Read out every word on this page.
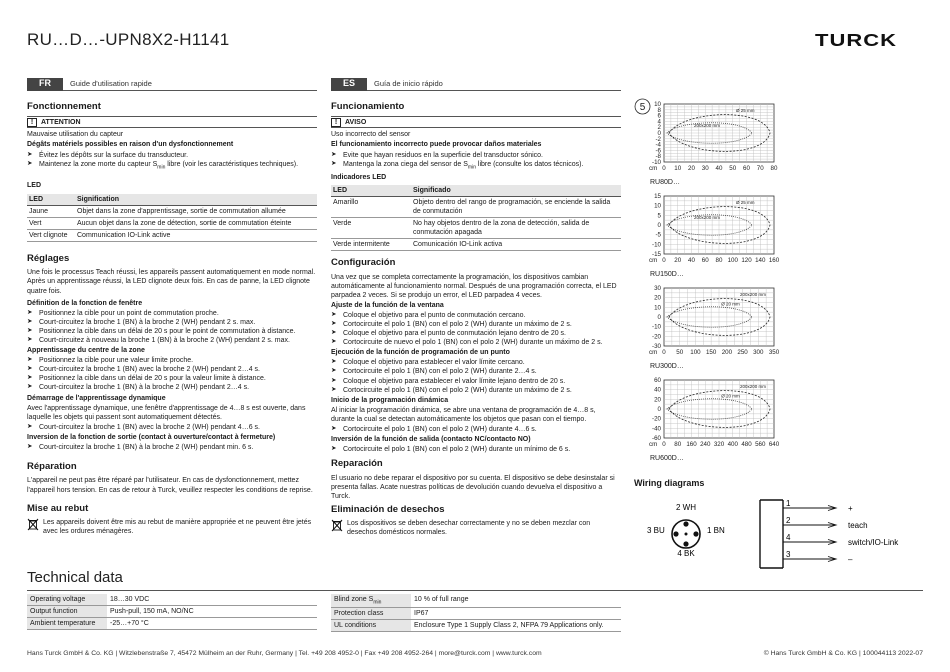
RU…D…-UPN8X2-H1141	TURCK
FR	Guide d'utilisation rapide
Fonctionnement
!	ATTENTION

Mauvaise utilisation du capteur

Dégâts matériels possibles en raison d'un dysfonctionnement

➤ Évitez les dépôts sur la surface du transducteur.
➤ Maintenez la zone morte du capteur $S_{min}$ libre (voir les caractéristiques techniques).
LED
LED	Signification
Jaune	Objet dans la zone d'apprentissage, sortie de commutation allumée
Vert	Aucun objet dans la zone de détection, sortie de commutation éteinte
Vert clignote	Communication IO-Link active
Réglages

Une fois le processus Teach réussi, les appareils passent automatiquement en mode normal. Après un apprentissage réussi, la LED clignote deux fois. En cas de panne, la LED clignote quatre fois.

Définition de la fonction de fenêtre
➤ Positionnez la cible pour un point de commutation proche.
➤ Court-circuitez la broche 1 (BN) à la broche 2 (WH) pendant 2 s. max.
➤ Positionnez la cible dans un délai de 20 s pour le point de commutation à distance.
➤ Court-circuitez à nouveau la broche 1 (BN) à la broche 2 (WH) pendant 2 s. max.
Apprentissage du centre de la zone
➤ Positionnez la cible pour une valeur limite proche.
➤ Court-circuitez la broche 1 (BN) avec la broche 2 (WH) pendant 2…4 s.
➤ Positionnez la cible dans un délai de 20 s pour la valeur limite à distance.
➤ Court-circuitez la broche 1 (BN) à la broche 2 (WH) pendant 2…4 s.
Démarrage de l'apprentissage dynamique

Avec l'apprentissage dynamique, une fenêtre d'apprentissage de 4…8 s est ouverte, dans laquelle les objets qui passent sont automatiquement détectés.

➤ Court-circuitez la broche 1 (BN) avec la broche 2 (WH) pendant 4…6 s.
Inversion de la fonction de sortie (contact à ouverture/contact à fermeture)
➤ Court-circuitez la broche 1 (BN) à la broche 2 (WH) pendant min. 6 s.
Réparation

L'appareil ne peut pas être réparé par l'utilisateur. En cas de dysfonctionnement, mettez l'appareil hors tension. En cas de retour à Turck, veuillez respecter les conditions de reprise.

Mise au rebut

Les appareils doivent être mis au rebut de manière appropriée et ne peuvent être jetés avec les ordures ménagères.

ES	Guía de inicio rápido
Funcionamiento
!	AVISO

Uso incorrecto del sensor

El funcionamiento incorrecto puede provocar daños materiales

➤ Evite que hayan residuos en la superficie del transductor sónico.
➤ Mantenga la zona ciega del sensor de $S_{min}$ libre (consulte los datos técnicos).
Indicadores LED
LED	Significado
Amarillo	Objeto dentro del rango de programación, se enciende la salida de conmutación
Verde	No hay objetos dentro de la zona de detección, salida de conmutación apagada
Verde intermitente	Comunicación IO-Link activa
Configuración

Una vez que se completa correctamente la programación, los dispositivos cambian automáticamente al funcionamiento normal. Después de una programación correcta, el LED parpadea 2 veces. Si se produjo un error, el LED parpadea 4 veces.

Ajuste de la función de la ventana
➤ Coloque el objetivo para el punto de conmutación cercano.
➤ Cortocircuite el polo 1 (BN) con el polo 2 (WH) durante un máximo de 2 s.
➤ Coloque el objetivo para el punto de conmutación lejano dentro de 20 s.
➤ Cortocircuite de nuevo el polo 1 (BN) con el polo 2 (WH) durante un máximo de 2 s.
Ejecución de la función de programación de un punto
➤ Coloque el objetivo para establecer el valor límite cercano.
➤ Cortocircuite el polo 1 (BN) con el polo 2 (WH) durante 2…4 s.
➤ Coloque el objetivo para establecer el valor límite lejano dentro de 20 s.
➤ Cortocircuite el polo 1 (BN) con el polo 2 (WH) durante un máximo de 2 s.
Inicio de la programación dinámica

Al iniciar la programación dinámica, se abre una ventana de programación de 4…8 s, durante la cual se detectan automáticamente los objetos que pasan con el tiempo.

➤ Cortocircuite el polo 1 (BN) con el polo 2 (WH) durante 4…6 s.
Inversión de la función de salida (contacto NC/contacto NO)
➤ Cortocircuite el polo 1 (BN) con el polo 2 (WH) durante un mínimo de 6 s.
Reparación

El usuario no debe reparar el dispositivo por su cuenta. El dispositivo se debe desinstalar si presenta fallas. Acate nuestras políticas de devolución cuando devuelva el dispositivo a Turck.

Eliminación de desechos

Los dispositivos se deben desechar correctamente y no se deben mezclar con desechos domésticos normales.

5 10
8
6
4
2
0
-2
-4
-6
-8
-10
0 10 20 30 40 50 60 70 80
cm
200x200 mm
Ø 25 mm
RU80D…
15
10
5
0
-5
-10
-15
0 20 40 60 80 100 120 140 160
cm
200x200 mm
Ø 25 mm
RU150D…
30
20
10
0
-10
-20
-30
0 50 100 150 200 250 300 350
cm
200x200 mm
Ø 20 mm
RU300D…
60
40
20
0
-20
-40
-60
0 80 160 240 320 400 480 560 640
cm
200x200 mm
Ø 20 mm
RU600D…
Wiring diagrams
2 WH
3 BU	1 BN
4 BK
1
+
2
teach
4
switch/IO-Link
3
–
Technical data
Operating voltage	18…30 VDC
Output function	Push-pull, 150 mA, NO/NC
Ambient temperature	-25…+70 °C
Blind zone $S_{min}$	10 % of full range
Protection class	IP67
UL conditions	Enclosure Type 1 Supply Class 2, NFPA 79 Applications only.
Hans Turck GmbH & Co. KG | Witzlebenstraße 7, 45472 Mülheim an der Ruhr, Germany | Tel. +49 208 4952-0 | Fax +49 208 4952-264 | more@turck.com | www.turck.com	© Hans Turck GmbH & Co. KG | 100044113 2022-07
